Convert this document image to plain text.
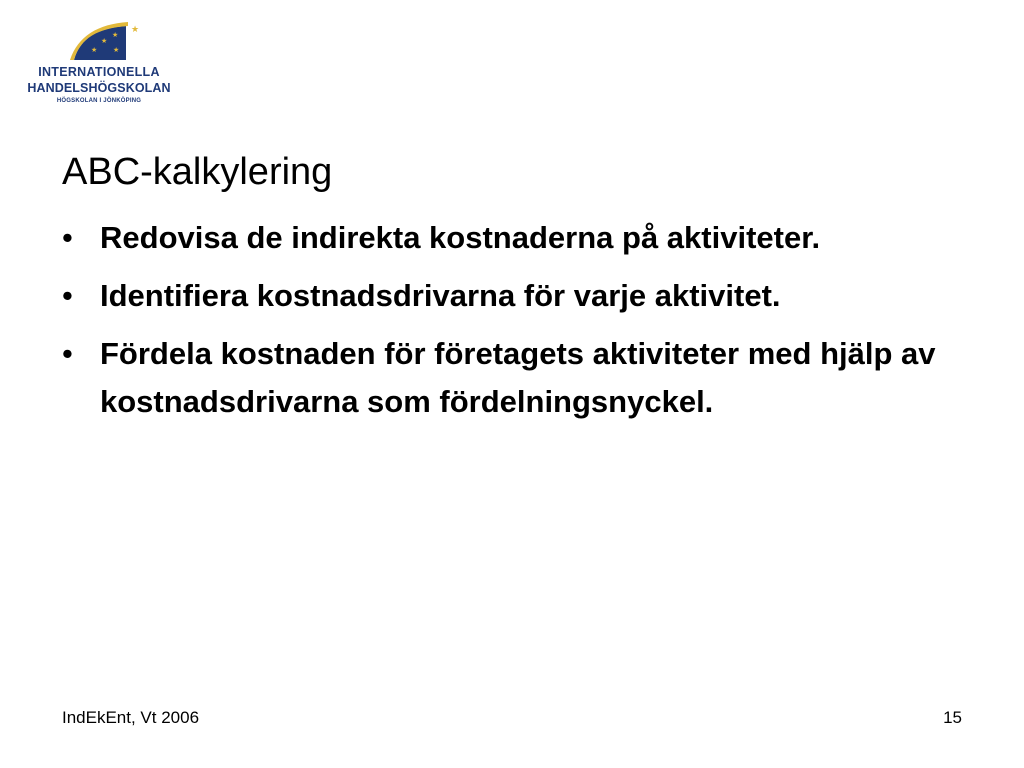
★
★
★
★
★
INTERNATIONELLA
HANDELSHÖGSKOLAN
HÖGSKOLAN I JÖNKÖPING
ABC-kalkylering
• Redovisa de indirekta kostnaderna på aktiviteter.
• Identifiera kostnadsdrivarna för varje aktivitet.
• Fördela kostnaden för företagets aktiviteter med hjälp av kostnadsdrivarna som fördelningsnyckel.
IndEkEnt, Vt 2006	15
